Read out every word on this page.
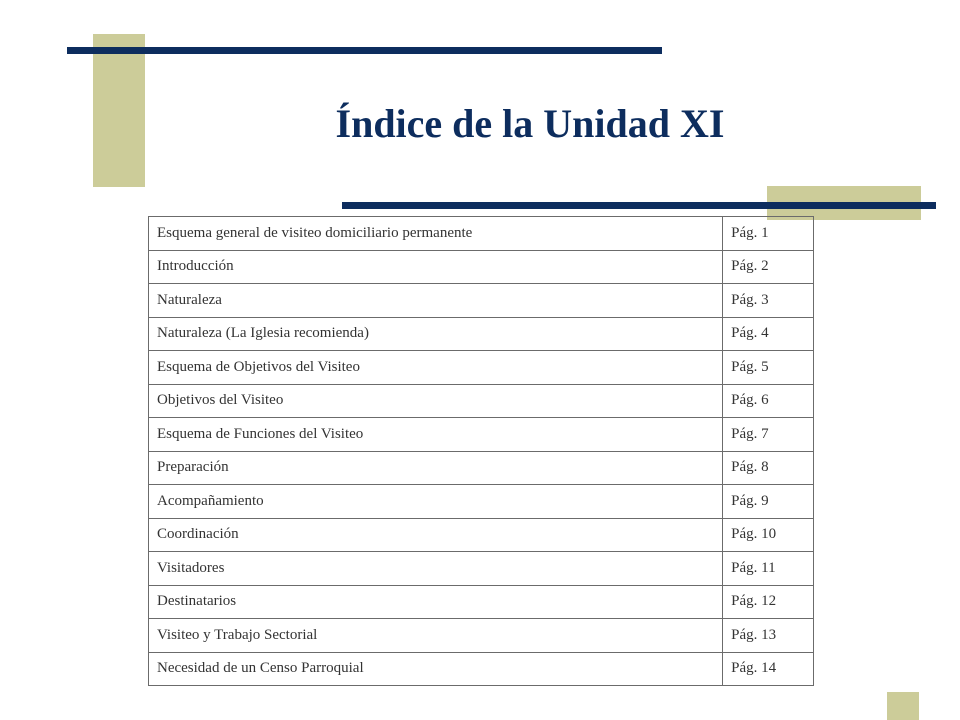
Índice de la Unidad XI
Esquema general de visiteo domiciliario permanente	Pág. 1
Introducción	Pág. 2
Naturaleza	Pág. 3
Naturaleza (La Iglesia recomienda)	Pág. 4
Esquema de Objetivos del Visiteo	Pág. 5
Objetivos del Visiteo	Pág. 6
Esquema de Funciones del Visiteo	Pág. 7
Preparación	Pág. 8
Acompañamiento	Pág. 9
Coordinación	Pág. 10
Visitadores	Pág. 11
Destinatarios	Pág. 12
Visiteo y Trabajo Sectorial	Pág. 13
Necesidad de un Censo Parroquial	Pág. 14
